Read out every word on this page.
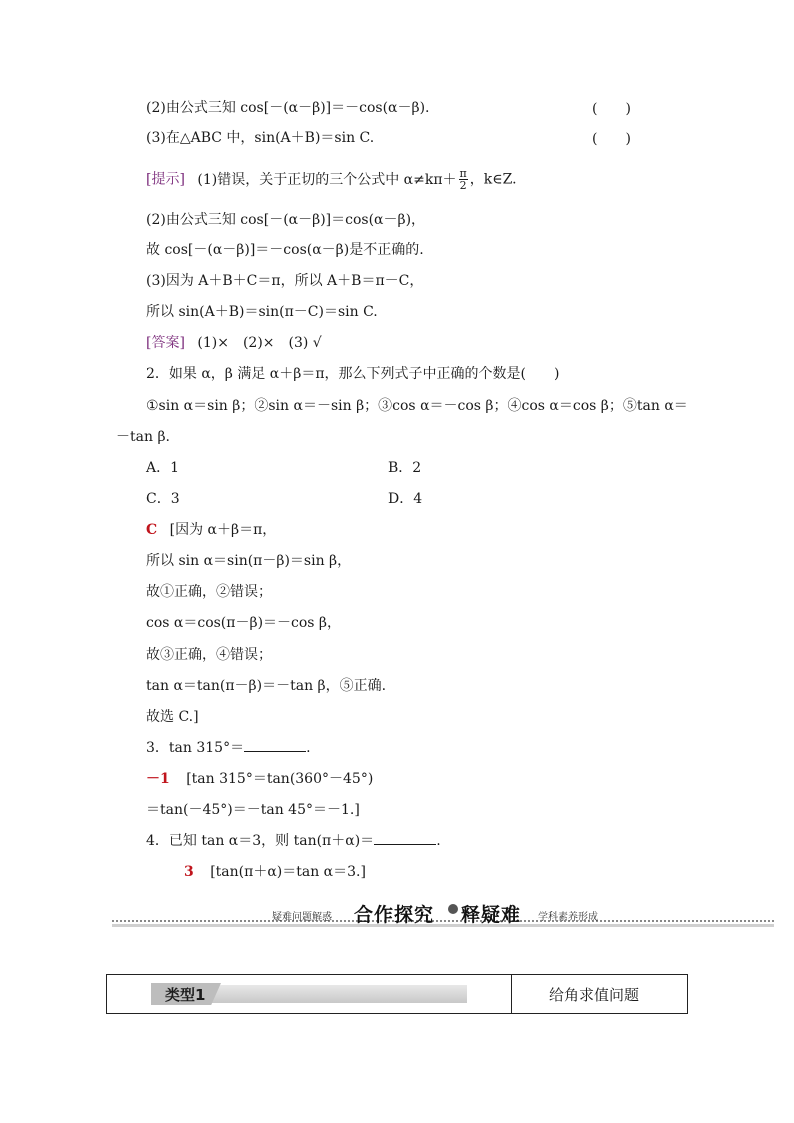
(2)由公式三知 cos[－(α－β)]＝－cos(α－β).	(　　)
(3)在△ABC 中，sin(A＋B)＝sin C.	(　　)
[提示] (1)错误，关于正切的三个公式中 $\alpha\ne k\pi+ \frac{\pi}{2}$ ，k∈Z.
(2)由公式三知 cos[－(α－β)]＝cos(α－β)，
故 cos[－(α－β)]＝－cos(α－β)是不正确的.
(3)因为 A＋B＋C＝π，所以 A＋B＝π－C，
所以 sin(A＋B)＝sin(π－C)＝sin C.
[答案] (1)×　(2)×　(3) √
2．如果 α，β 满足 α＋β＝π，那么下列式子中正确的个数是(　　)
①sin α＝sin β；②sin α＝－sin β；③cos α＝－cos β；④cos α＝cos β；⑤tan α＝
－tan β.
A．1	B．2
C．3	D．4
C [因为 α＋β＝π，
所以 sin α＝sin(π－β)＝sin β，
故①正确，②错误；
cos α＝cos(π－β)＝－cos β，
故③正确，④错误；
tan α＝tan(π－β)＝－tan β，⑤正确.
故选 C.]
3．tan 315°＝	.
－1 [tan 315°＝tan(360°－45°)
＝tan(－45°)＝－tan 45°＝－1.]
4．已知 tan α＝3，则 tan(π＋α)＝	.
3 [tan(π＋α)＝tan α＝3.]
疑难问题解惑 合作探究 释疑难 学科素养形成
类型1	给角求值问题
